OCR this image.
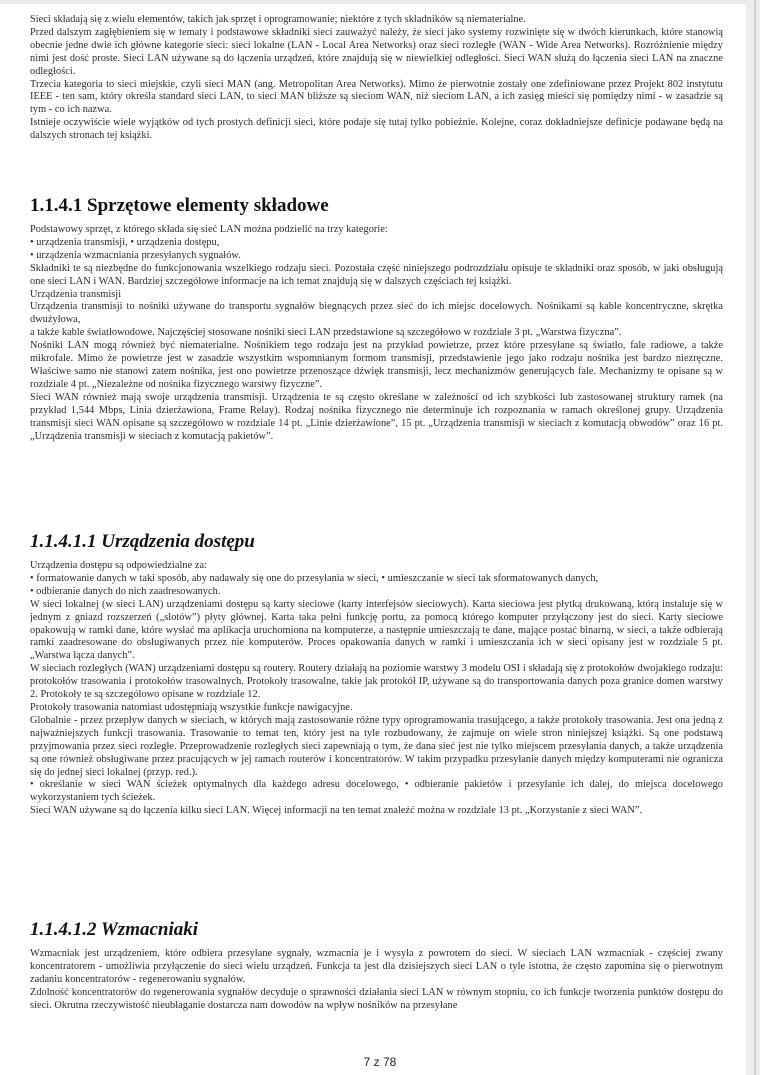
Sieci składają się z wielu elementów, takich jak sprzęt i oprogramowanie; niektóre z tych składników są niematerialne.

Przed dalszym zagłębieniem się w tematy i podstawowe składniki sieci zauważyć należy, że sieci jako systemy rozwinięte się w dwóch kierunkach, które stanowią obecnie jedne dwie ich główne kategorie sieci: sieci lokalne (LAN - Local Area Networks) oraz sieci rozległe (WAN - Wide Area Networks). Rozróżnienie między nimi jest dość proste. Sieci LAN używane są do łączenia urządzeń, które znajdują się w niewielkiej odległości. Sieci WAN służą do łączenia sieci LAN na znaczne odległości.

Trzecia kategoria to sieci miejskie, czyli sieci MAN (ang. Metropolitan Area Networks). Mimo że pierwotnie zostały one zdefiniowane przez Projekt 802 instytutu IEEE - ten sam, który określa standard sieci LAN, to sieci MAN bliższe są sieciom WAN, niż sieciom LAN, a ich zasięg mieści się pomiędzy nimi - w zasadzie są tym - co ich nazwa.

Istnieje oczywiście wiele wyjątków od tych prostych definicji sieci, które podaje się tutaj tylko pobieżnie. Kolejne, coraz dokładniejsze definicje podawane będą na dalszych stronach tej książki.

1.1.4.1 Sprzętowe elementy składowe

Podstawowy sprzęt, z którego składa się sieć LAN można podzielić na trzy kategorie:

• urządzenia transmisji, • urządzenia dostępu,

• urządzenia wzmacniania przesyłanych sygnałów.

Składniki te są niezbędne do funkcjonowania wszelkiego rodzaju sieci. Pozostała część niniejszego podrozdziału opisuje te składniki oraz sposób, w jaki obsługują one sieci LAN i WAN. Bardziej szczegółowe informacje na ich temat znajdują się w dalszych częściach tej książki.

Urządzenia transmisji

Urządzenia transmisji to nośniki używane do transportu sygnałów biegnących przez sieć do ich miejsc docelowych. Nośnikami są kable koncentryczne, skrętka dwużyłowa,

a także kable światłowodowe. Najczęściej stosowane nośniki sieci LAN przedstawione są szczegółowo w rozdziale 3 pt. „Warstwa fizyczna”.

Nośniki LAN mogą również być niematerialne. Nośnikiem tego rodzaju jest na przykład powietrze, przez które przesyłane są światło, fale radiowe, a także mikrofale. Mimo że powietrze jest w zasadzie wszystkim wspomnianym formom transmisji, przedstawienie jego jako rodzaju nośnika jest bardzo niezręczne. Właściwe samo nie stanowi zatem nośnika, jest ono powietrze przenoszące dźwięk transmisji, lecz mechanizmów generujących fale. Mechanizmy te opisane są w rozdziale 4 pt. „Niezależne od nośnika fizycznego warstwy fizyczne”.

Sieci WAN również mają swoje urządzenia transmisji. Urządzenia te są często określane w zależności od ich szybkości lub zastosowanej struktury ramek (na przykład 1,544 Mbps, Linia dzierżawiona, Frame Relay). Rodzaj nośnika fizycznego nie determinuje ich rozpoznania w ramach określonej grupy. Urządzenia transmisji sieci WAN opisane są szczegółowo w rozdziale 14 pt. „Linie dzierżawione”, 15 pt. „Urządzenia transmisji w sieciach z komutacją obwodów” oraz 16 pt. „Urządzenia transmisji w sieciach z komutacją pakietów”.

1.1.4.1.1 Urządzenia dostępu

Urządzenia dostępu są odpowiedzialne za:

• formatowanie danych w taki sposób, aby nadawały się one do przesyłania w sieci, • umieszczanie w sieci tak sformatowanych danych,

• odbieranie danych do nich zaadresowanych.

W sieci lokalnej (w sieci LAN) urządzeniami dostępu są karty sieciowe (karty interfejsów sieciowych). Karta sieciowa jest płytką drukowaną, którą instaluje się w jednym z gniazd rozszerzeń („slotów”) płyty głównej. Karta taka pełni funkcję portu, za pomocą którego komputer przyłączony jest do sieci. Karty sieciowe opakowują w ramki dane, które wysłać ma aplikacja uruchomiona na komputerze, a następnie umieszczają te dane, mające postać binarną, w sieci, a także odbierają ramki zaadresowane do obsługiwanych przez nie komputerów. Proces opakowania danych w ramki i umieszczania ich w sieci opisany jest w rozdziale 5 pt. „Warstwa łącza danych”.

W sieciach rozległych (WAN) urządzeniami dostępu są routery. Routery działają na poziomie warstwy 3 modelu OSI i składają się z protokołów dwojakiego rodzaju: protokołów trasowania i protokołów trasowalnych. Protokoły trasowalne, takie jak protokół IP, używane są do transportowania danych poza granice domen warstwy 2. Protokoły te są szczegółowo opisane w rozdziale 12.

Protokoły trasowania natomiast udostępniają wszystkie funkcje nawigacyjne.

Globalnie - przez przepływ danych w sieciach, w których mają zastosowanie różne typy oprogramowania trasującego, a także protokoły trasowania. Jest ona jedną z najważniejszych funkcji trasowania. Trasowanie to temat ten, który jest na tyle rozbudowany, że zajmuje on wiele stron niniejszej książki. Są one podstawą przyjmowania przez sieci rozległe. Przeprowadzenie rozległych sieci zapewniają o tym, że dana sieć jest nie tylko miejscem przesyłania danych, a także urządzenia są one również obsługiwane przez pracujących w jej ramach routerów i koncentratorów. W takim przypadku przesyłanie danych między komputerami nie ogranicza się do jednej sieci lokalnej (przyp. red.).

• określanie w sieci WAN ścieżek optymalnych dla każdego adresu docelowego, • odbieranie pakietów i przesyłanie ich dalej, do miejsca docelowego wykorzystaniem tych ścieżek.

Sieci WAN używane są do łączenia kilku sieci LAN. Więcej informacji na ten temat znaleźć można w rozdziale 13 pt. „Korzystanie z sieci WAN”.

1.1.4.1.2 Wzmacniaki

Wzmacniak jest urządzeniem, które odbiera przesyłane sygnały, wzmacnia je i wysyła z powrotem do sieci. W sieciach LAN wzmacniak - częściej zwany koncentratorem - umożliwia przyłączenie do sieci wielu urządzeń. Funkcja ta jest dla dzisiejszych sieci LAN o tyle istotna, że często zapomina się o pierwotnym zadaniu koncentratorów - regenerowaniu sygnałów.

Zdolność koncentratorów do regenerowania sygnałów decyduje o sprawności działania sieci LAN w równym stopniu, co ich funkcje tworzenia punktów dostępu do sieci. Okrutna rzeczywistość nieubłaganie dostarcza nam dowodów na wpływ nośników na przesyłane

7 z 78
